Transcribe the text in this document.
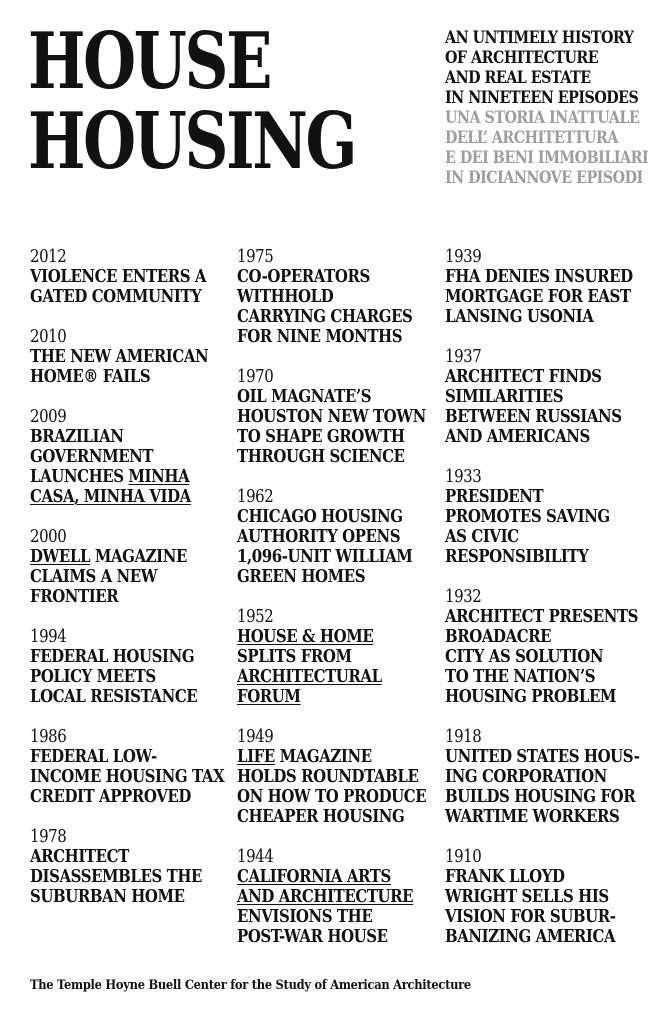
HOUSE
HOUSING
AN UNTIMELY HISTORY
OF ARCHITECTURE
AND REAL ESTATE
IN NINETEEN EPISODES
UNA STORIA INATTUALE
DELL’ ARCHITETTURA
E DEI BENI IMMOBILIARI
IN DICIANNOVE EPISODI
2012
VIOLENCE ENTERS A
GATED COMMUNITY
2010
THE NEW AMERICAN
HOME® FAILS
2009
BRAZILIAN
GOVERNMENT
LAUNCHES MINHA
CASA, MINHA VIDA
2000
DWELL MAGAZINE
CLAIMS A NEW
FRONTIER
1994
FEDERAL HOUSING
POLICY MEETS
LOCAL RESISTANCE
1986
FEDERAL LOW-
INCOME HOUSING TAX
CREDIT APPROVED
1978
ARCHITECT
DISASSEMBLES THE
SUBURBAN HOME
1975
CO-OPERATORS
WITHHOLD
CARRYING CHARGES
FOR NINE MONTHS
1970
OIL MAGNATE’S
HOUSTON NEW TOWN
TO SHAPE GROWTH
THROUGH SCIENCE
1962
CHICAGO HOUSING
AUTHORITY OPENS
1,096-UNIT WILLIAM
GREEN HOMES
1952
HOUSE & HOME
SPLITS FROM
ARCHITECTURAL
FORUM
1949
LIFE MAGAZINE
HOLDS ROUNDTABLE
ON HOW TO PRODUCE
CHEAPER HOUSING
1944
CALIFORNIA ARTS
AND ARCHITECTURE
ENVISIONS THE
POST-WAR HOUSE
1939
FHA DENIES INSURED
MORTGAGE FOR EAST
LANSING USONIA
1937
ARCHITECT FINDS
SIMILARITIES
BETWEEN RUSSIANS
AND AMERICANS
1933
PRESIDENT
PROMOTES SAVING
AS CIVIC
RESPONSIBILITY
1932
ARCHITECT PRESENTS
BROADACRE
CITY AS SOLUTION
TO THE NATION’S
HOUSING PROBLEM
1918
UNITED STATES HOUS-
ING CORPORATION
BUILDS HOUSING FOR
WARTIME WORKERS
1910
FRANK LLOYD
WRIGHT SELLS HIS
VISION FOR SUBUR-
BANIZING AMERICA
The Temple Hoyne Buell Center for the Study of American Architecture
